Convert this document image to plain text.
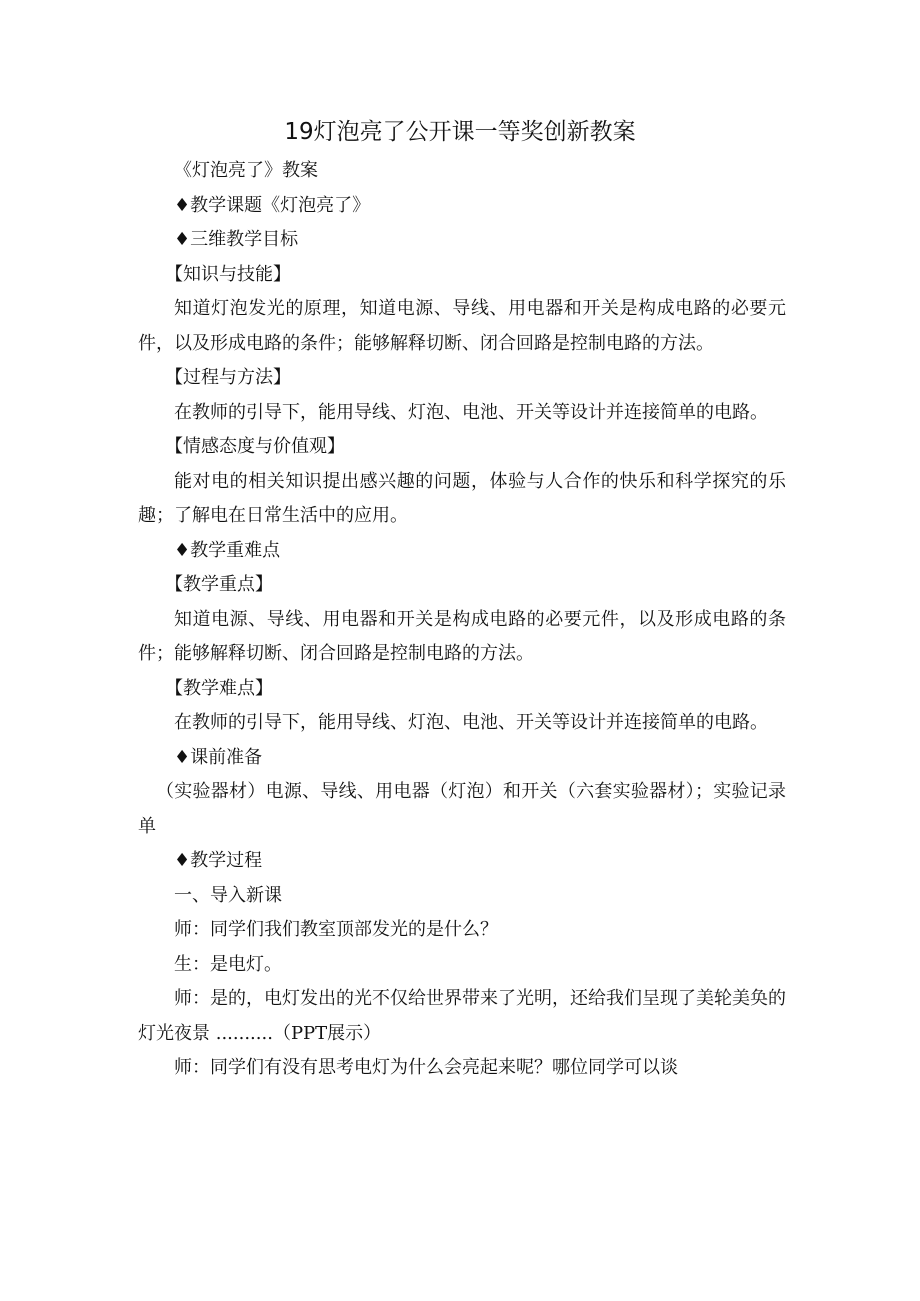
19灯泡亮了公开课一等奖创新教案

《灯泡亮了》教案

♦教学课题《灯泡亮了》

♦三维教学目标

【知识与技能】

知道灯泡发光的原理，知道电源、导线、用电器和开关是构成电路的必要元件，以及形成电路的条件；能够解释切断、闭合回路是控制电路的方法。

【过程与方法】

在教师的引导下，能用导线、灯泡、电池、开关等设计并连接简单的电路。

【情感态度与价值观】

能对电的相关知识提出感兴趣的问题，体验与人合作的快乐和科学探究的乐趣；了解电在日常生活中的应用。

♦教学重难点

【教学重点】

知道电源、导线、用电器和开关是构成电路的必要元件，以及形成电路的条件；能够解释切断、闭合回路是控制电路的方法。

【教学难点】

在教师的引导下，能用导线、灯泡、电池、开关等设计并连接简单的电路。

♦课前准备

（实验器材）电源、导线、用电器（灯泡）和开关（六套实验器材）；实验记录单

♦教学过程

一、导入新课

师：同学们我们教室顶部发光的是什么？

生：是电灯。

师：是的，电灯发出的光不仅给世界带来了光明，还给我们呈现了美轮美奂的灯光夜景 ..........（PPT展示）

师：同学们有没有思考电灯为什么会亮起来呢？哪位同学可以谈
